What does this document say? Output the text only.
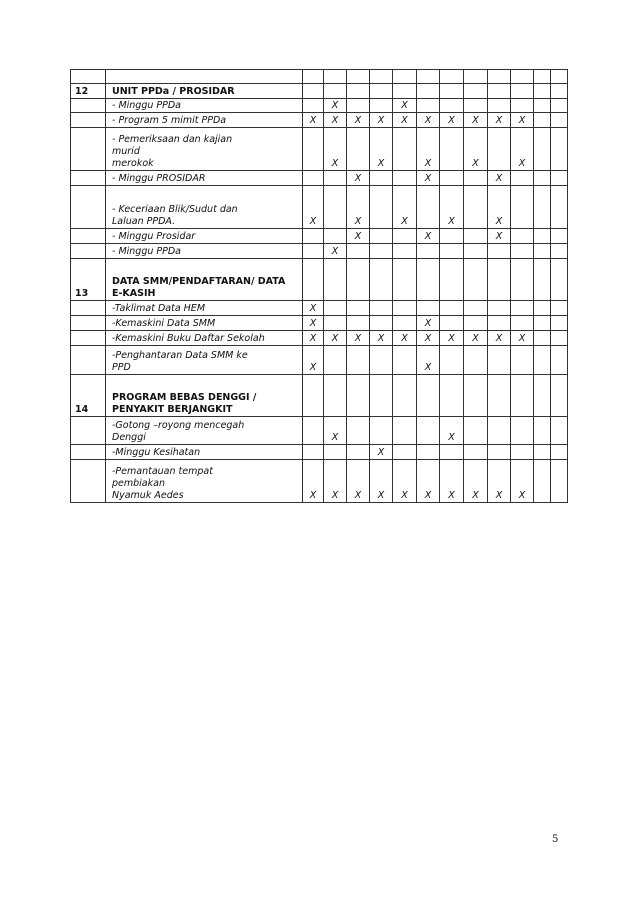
12	UNIT PPDa / PROSIDAR												
	- Minggu PPDa		X			X							
	- Program 5 mimit PPDa	X	X	X	X	X	X	X	X	X	X		
	- Pemeriksaan dan kajian
murid
merokok		X		X		X		X		X		
	- Minggu PROSIDAR			X			X			X			
	- Keceriaan Blik/Sudut dan
Laluan PPDA.	X		X		X		X		X			
	- Minggu Prosidar			X			X			X			
	- Minggu PPDa		X										
13	DATA SMM/PENDAFTARAN/ DATA
E-KASIH												
	-Taklimat Data HEM	X											
	-Kemaskini Data SMM	X					X						
	-Kemaskini Buku Daftar Sekolah	X	X	X	X	X	X	X	X	X	X		
	-Penghantaran Data SMM ke
PPD	X					X						
14	PROGRAM BEBAS DENGGI /
PENYAKIT BERJANGKIT												
	-Gotong –royong mencegah
Denggi		X					X					
	-Minggu Kesihatan				X								
	-Pemantauan tempat
pembiakan
Nyamuk Aedes	X	X	X	X	X	X	X	X	X	X		
5
